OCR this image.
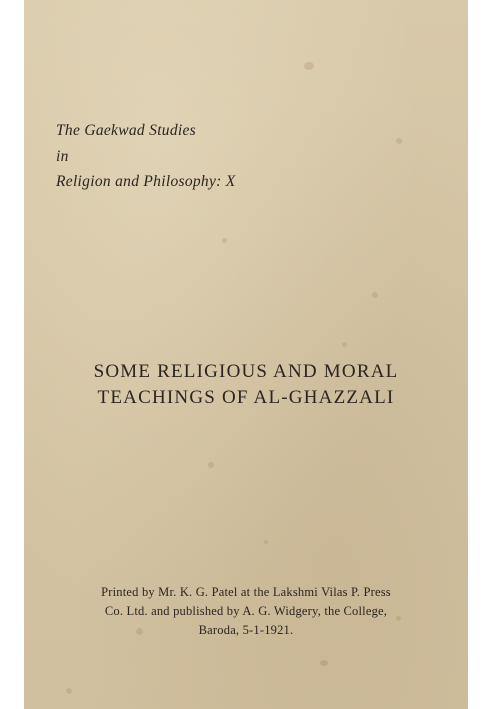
The Gaekwad Studies
in
Religion and Philosophy: X
SOME RELIGIOUS AND MORAL
TEACHINGS OF AL-GHAZZALI
Printed by Mr. K. G. Patel at the Lakshmi Vilas P. Press
Co. Ltd. and published by A. G. Widgery, the College,
Baroda, 5-1-1921.
